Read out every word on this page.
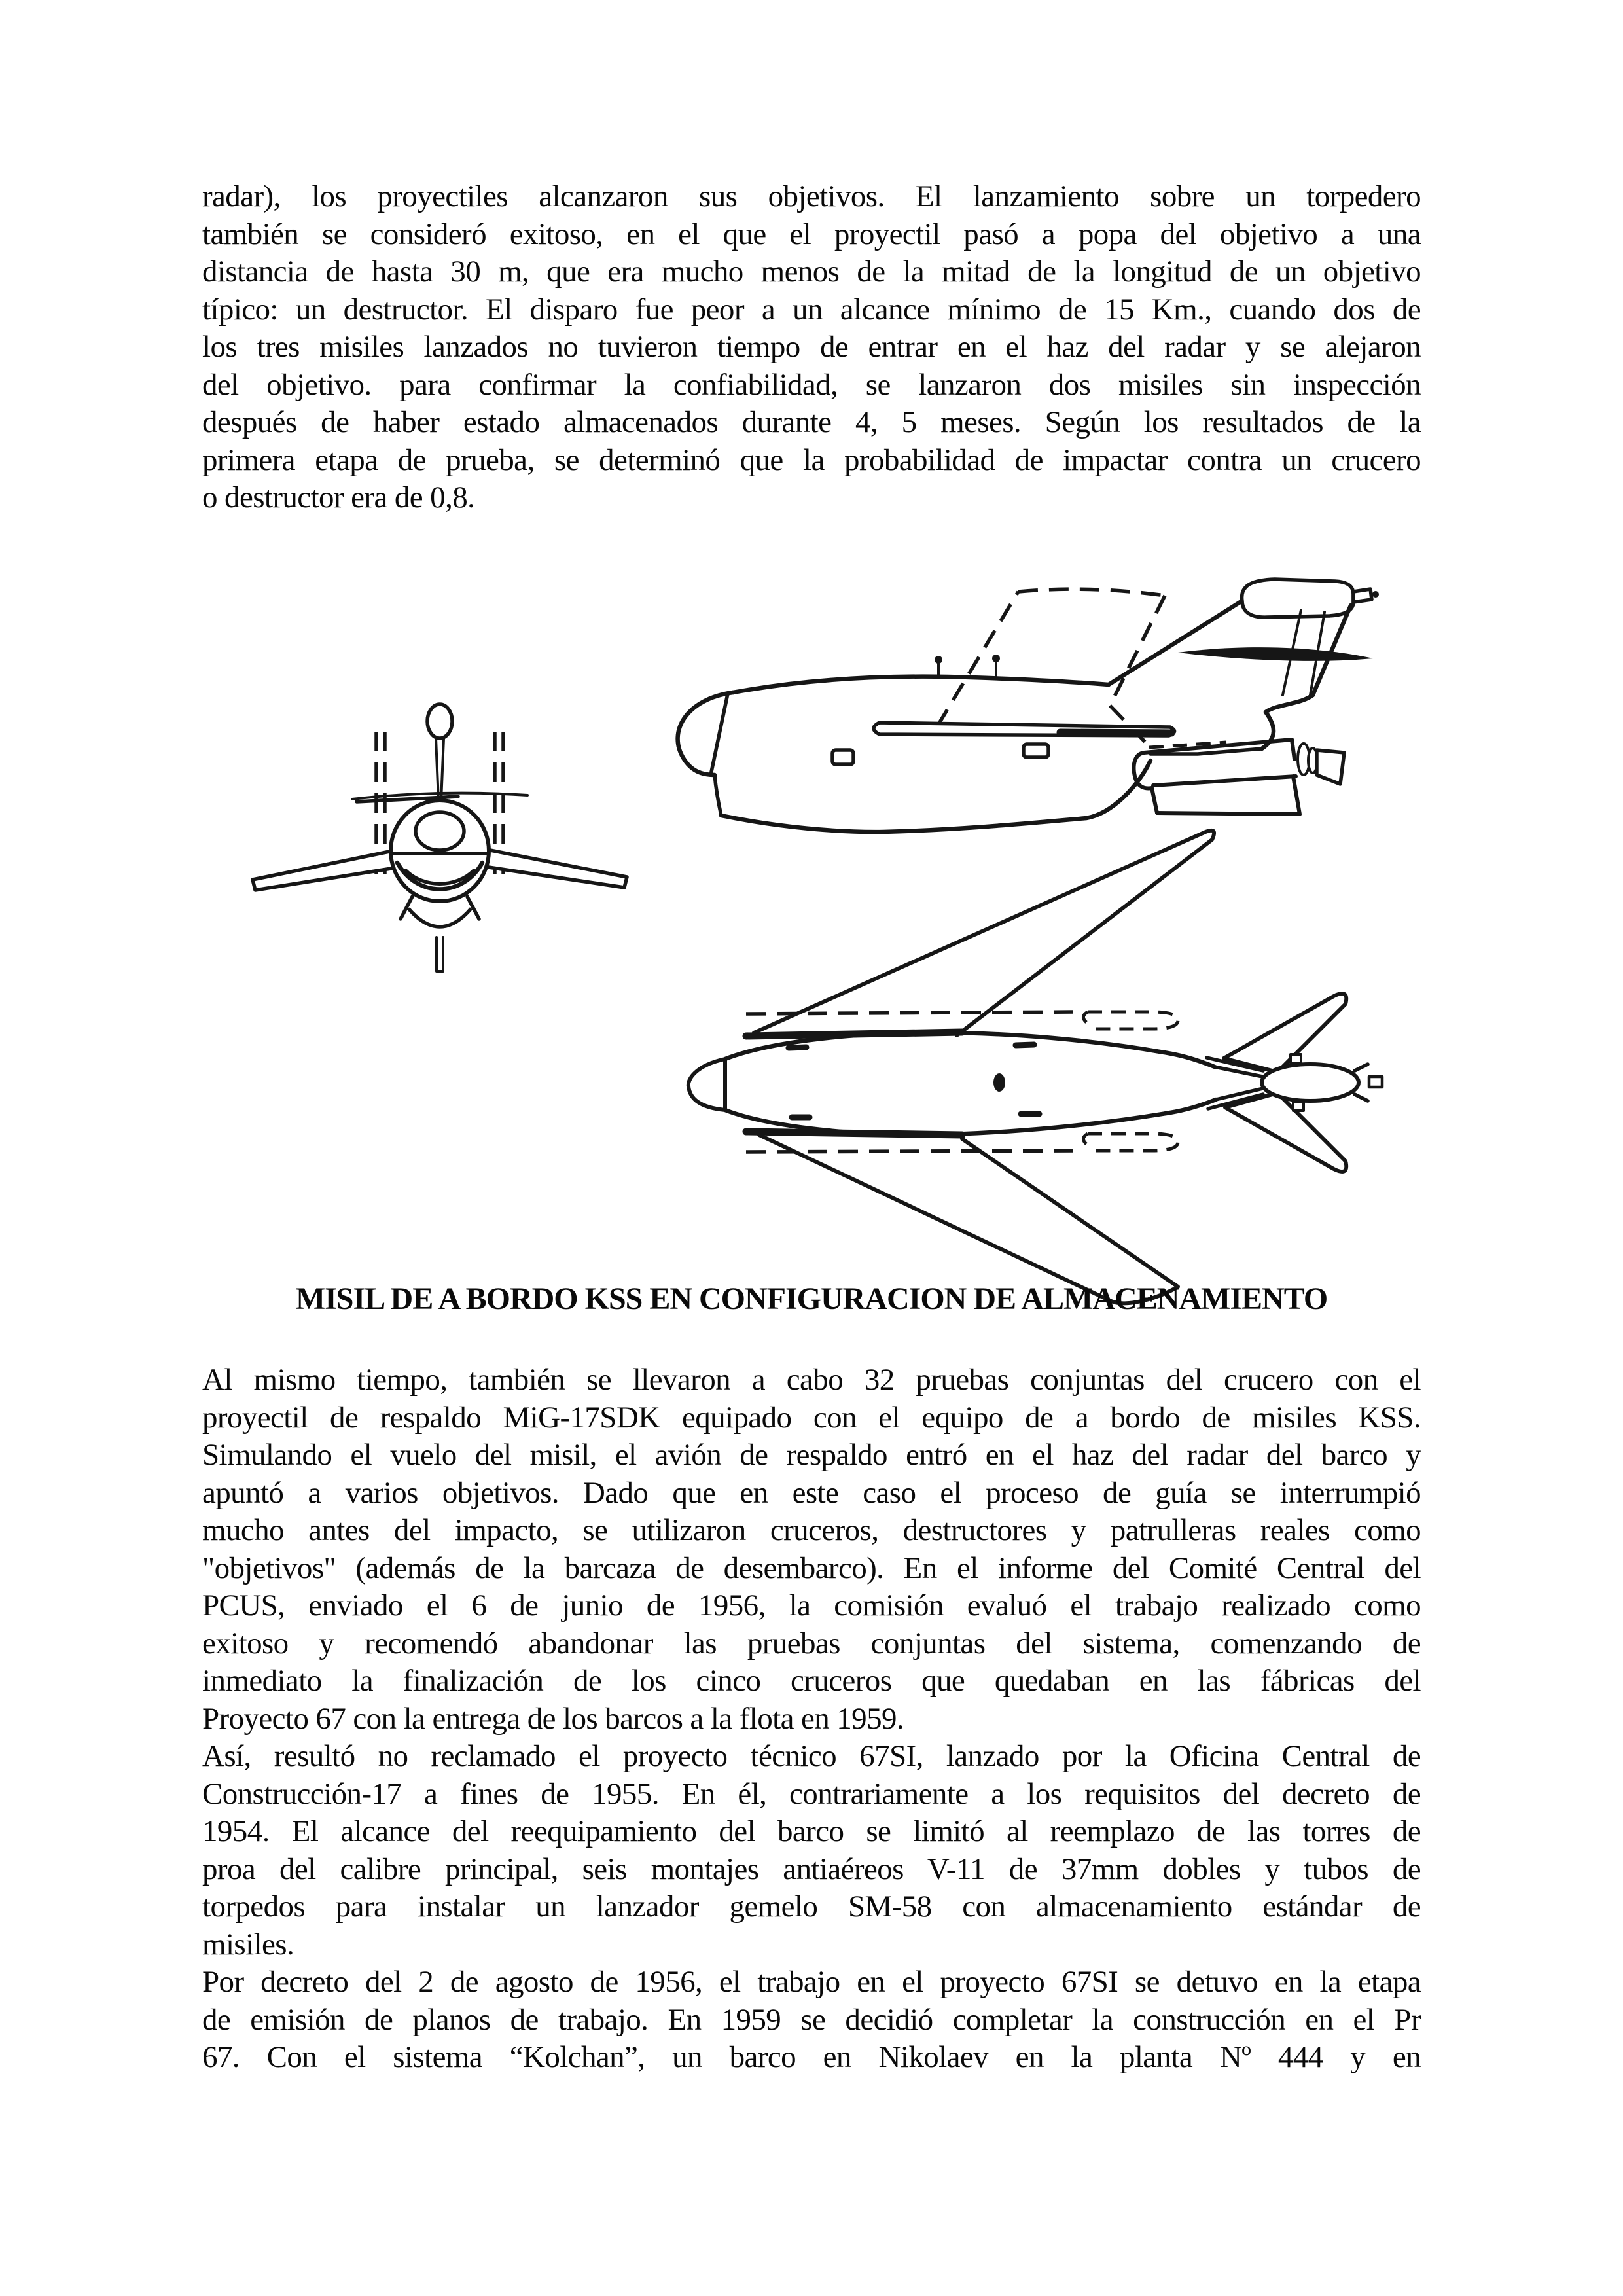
radar), los proyectiles alcanzaron sus objetivos. El lanzamiento sobre un torpedero
también se consideró exitoso, en el que el proyectil pasó a popa del objetivo a una
distancia de hasta 30 m, que era mucho menos de la mitad de la longitud de un objetivo
típico: un destructor. El disparo fue peor a un alcance mínimo de 15 Km., cuando dos de
los tres misiles lanzados no tuvieron tiempo de entrar en el haz del radar y se alejaron
del objetivo. para confirmar la confiabilidad, se lanzaron dos misiles sin inspección
después de haber estado almacenados durante 4, 5 meses. Según los resultados de la
primera etapa de prueba, se determinó que la probabilidad de impactar contra un crucero
o destructor era de 0,8.
MISIL DE A BORDO KSS EN CONFIGURACION DE ALMACENAMIENTO
Al mismo tiempo, también se llevaron a cabo 32 pruebas conjuntas del crucero con el
proyectil de respaldo MiG-17SDK equipado con el equipo de a bordo de misiles KSS.
Simulando el vuelo del misil, el avión de respaldo entró en el haz del radar del barco y
apuntó a varios objetivos. Dado que en este caso el proceso de guía se interrumpió
mucho antes del impacto, se utilizaron cruceros, destructores y patrulleras reales como
"objetivos" (además de la barcaza de desembarco). En el informe del Comité Central del
PCUS, enviado el 6 de junio de 1956, la comisión evaluó el trabajo realizado como
exitoso y recomendó abandonar las pruebas conjuntas del sistema, comenzando de
inmediato la finalización de los cinco cruceros que quedaban en las fábricas del
Proyecto 67 con la entrega de los barcos a la flota en 1959.
Así, resultó no reclamado el proyecto técnico 67SI, lanzado por la Oficina Central de
Construcción-17 a fines de 1955. En él, contrariamente a los requisitos del decreto de
1954. El alcance del reequipamiento del barco se limitó al reemplazo de las torres de
proa del calibre principal, seis montajes antiaéreos V-11 de 37mm dobles y tubos de
torpedos para instalar un lanzador gemelo SM-58 con almacenamiento estándar de
misiles.
Por decreto del 2 de agosto de 1956, el trabajo en el proyecto 67SI se detuvo en la etapa
de emisión de planos de trabajo. En 1959 se decidió completar la construcción en el Pr
67. Con el sistema “Kolchan”, un barco en Nikolaev en la planta Nº 444 y en
